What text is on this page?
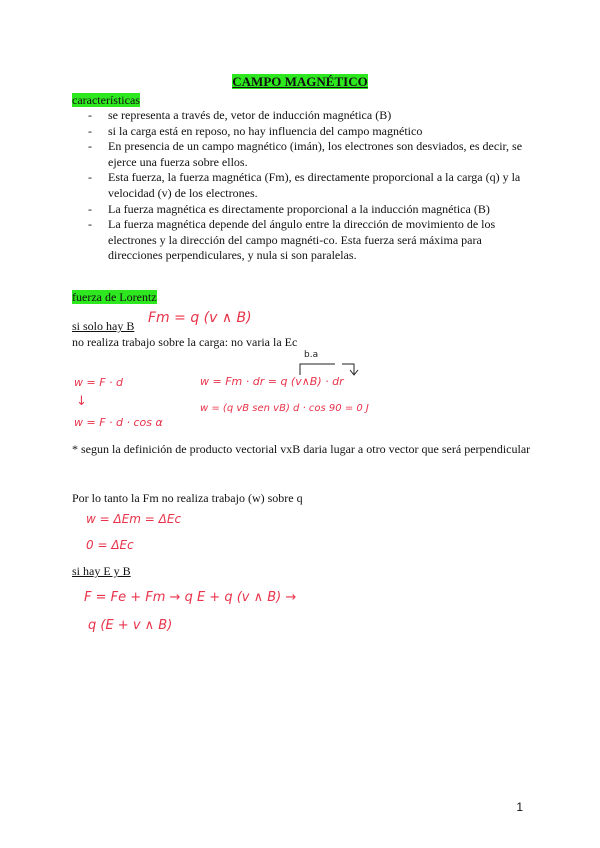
CAMPO MAGNÉTICO
características
- se representa a través de, vetor de inducción magnética (B)
- si la carga está en reposo, no hay influencia del campo magnético
- En presencia de un campo magnético (imán), los electrones son desviados, es decir, se ejerce una fuerza sobre ellos.
- Esta fuerza, la fuerza magnética (Fm), es directamente proporcional a la carga (q) y la velocidad (v) de los electrones.
- La fuerza magnética es directamente proporcional a la inducción magnética (B)
- La fuerza magnética depende del ángulo entre la dirección de movimiento de los electrones y la dirección del campo magnéti-co. Esta fuerza será máxima para direcciones perpendiculares, y nula si son paralelas.
fuerza de Lorentz
si solo hay B Fm = q (v ∧ B)
no realiza trabajo sobre la carga: no varia la Ec
w = F · d
↓
w = F · d · cos α
b.a
w = Fm · dr = q (v∧B) · dr
w = (q vB sen vB) d · cos 90 = 0 J
* segun la definición de producto vectorial vxB daria lugar a otro vector que será perpendicular
Por lo tanto la Fm no realiza trabajo (w) sobre q
w = ΔEm = ΔEc
0 = ΔEc
si hay E y B
F = Fe + Fm → q E + q (v ∧ B) →
q (E + v ∧ B)
1
